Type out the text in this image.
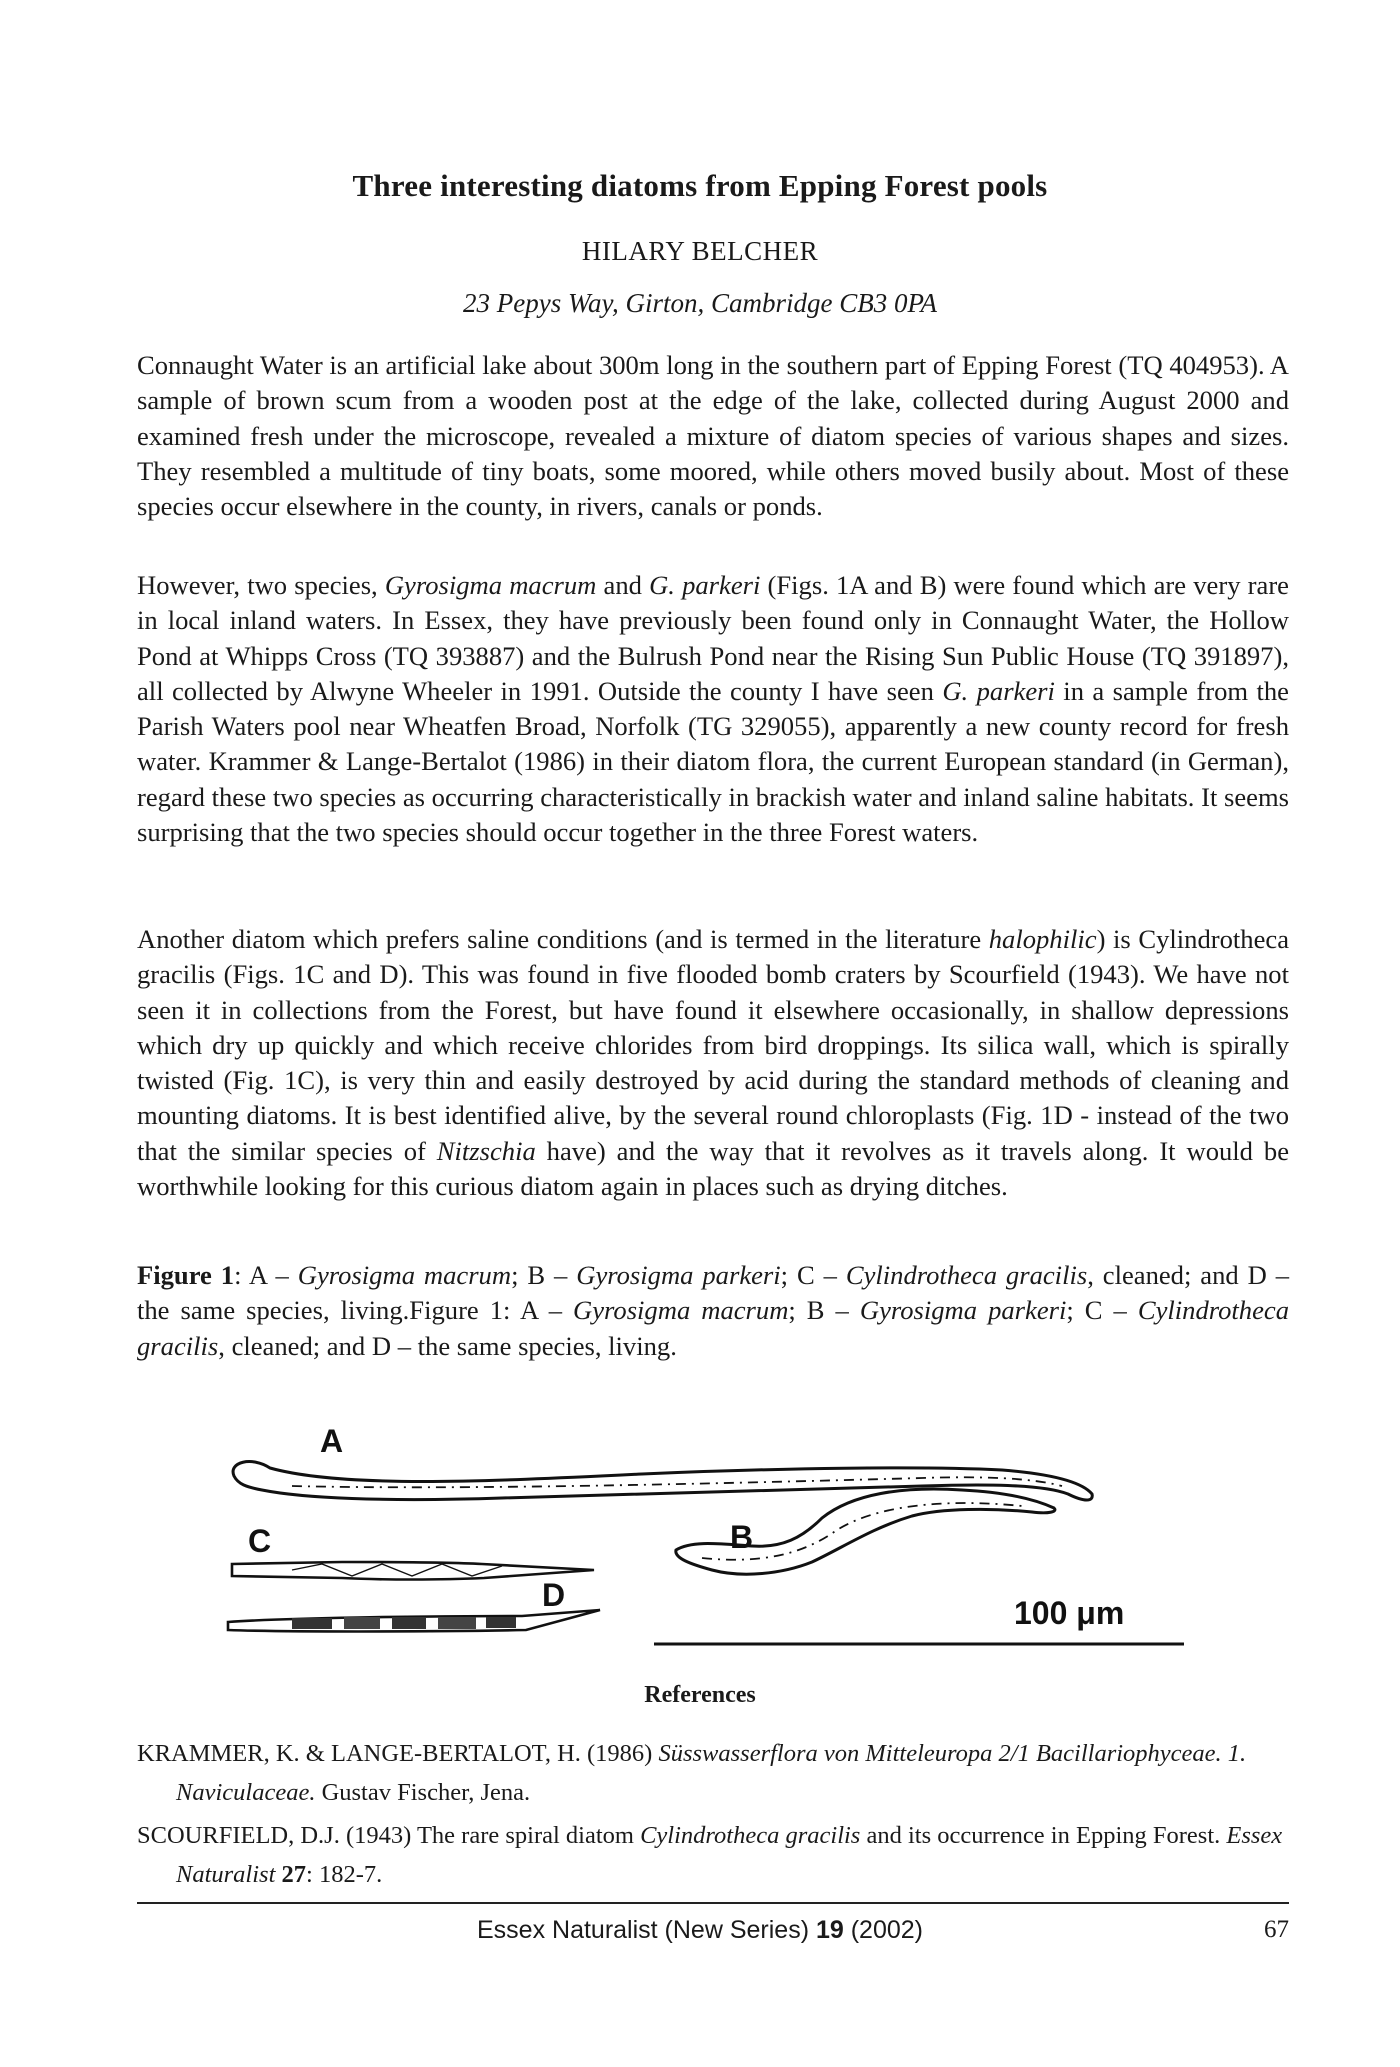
Three interesting diatoms from Epping Forest pools
HILARY BELCHER
23 Pepys Way, Girton, Cambridge CB3 0PA

Connaught Water is an artificial lake about 300m long in the southern part of Epping Forest (TQ 404953). A sample of brown scum from a wooden post at the edge of the lake, collected during August 2000 and examined fresh under the microscope, revealed a mixture of diatom species of various shapes and sizes. They resembled a multitude of tiny boats, some moored, while others moved busily about. Most of these species occur elsewhere in the county, in rivers, canals or ponds.

However, two species, Gyrosigma macrum and G. parkeri (Figs. 1A and B) were found which are very rare in local inland waters. In Essex, they have previously been found only in Connaught Water, the Hollow Pond at Whipps Cross (TQ 393887) and the Bulrush Pond near the Rising Sun Public House (TQ 391897), all collected by Alwyne Wheeler in 1991. Outside the county I have seen G. parkeri in a sample from the Parish Waters pool near Wheatfen Broad, Norfolk (TG 329055), apparently a new county record for fresh water. Krammer & Lange-Bertalot (1986) in their diatom flora, the current European standard (in German), regard these two species as occurring characteristically in brackish water and inland saline habitats. It seems surprising that the two species should occur together in the three Forest waters.

Another diatom which prefers saline conditions (and is termed in the literature halophilic) is Cylindrotheca gracilis (Figs. 1C and D). This was found in five flooded bomb craters by Scourfield (1943). We have not seen it in collections from the Forest, but have found it elsewhere occasionally, in shallow depressions which dry up quickly and which receive chlorides from bird droppings. Its silica wall, which is spirally twisted (Fig. 1C), is very thin and easily destroyed by acid during the standard methods of cleaning and mounting diatoms. It is best identified alive, by the several round chloroplasts (Fig. 1D - instead of the two that the similar species of Nitzschia have) and the way that it revolves as it travels along. It would be worthwhile looking for this curious diatom again in places such as drying ditches.

Figure 1: A – Gyrosigma macrum; B – Gyrosigma parkeri; C – Cylindrotheca gracilis, cleaned; and D – the same species, living.Figure 1: A – Gyrosigma macrum; B – Gyrosigma parkeri; C – Cylindrotheca gracilis, cleaned; and D – the same species, living.

A
B
C
D	100 μm
References

KRAMMER, K. & LANGE-BERTALOT, H. (1986) Süsswasserflora von Mitteleuropa 2/1 Bacillariophyceae. 1. Naviculaceae. Gustav Fischer, Jena.

SCOURFIELD, D.J. (1943) The rare spiral diatom Cylindrotheca gracilis and its occurrence in Epping Forest. Essex Naturalist 27: 182-7.

Essex Naturalist (New Series) 19 (2002)	67
